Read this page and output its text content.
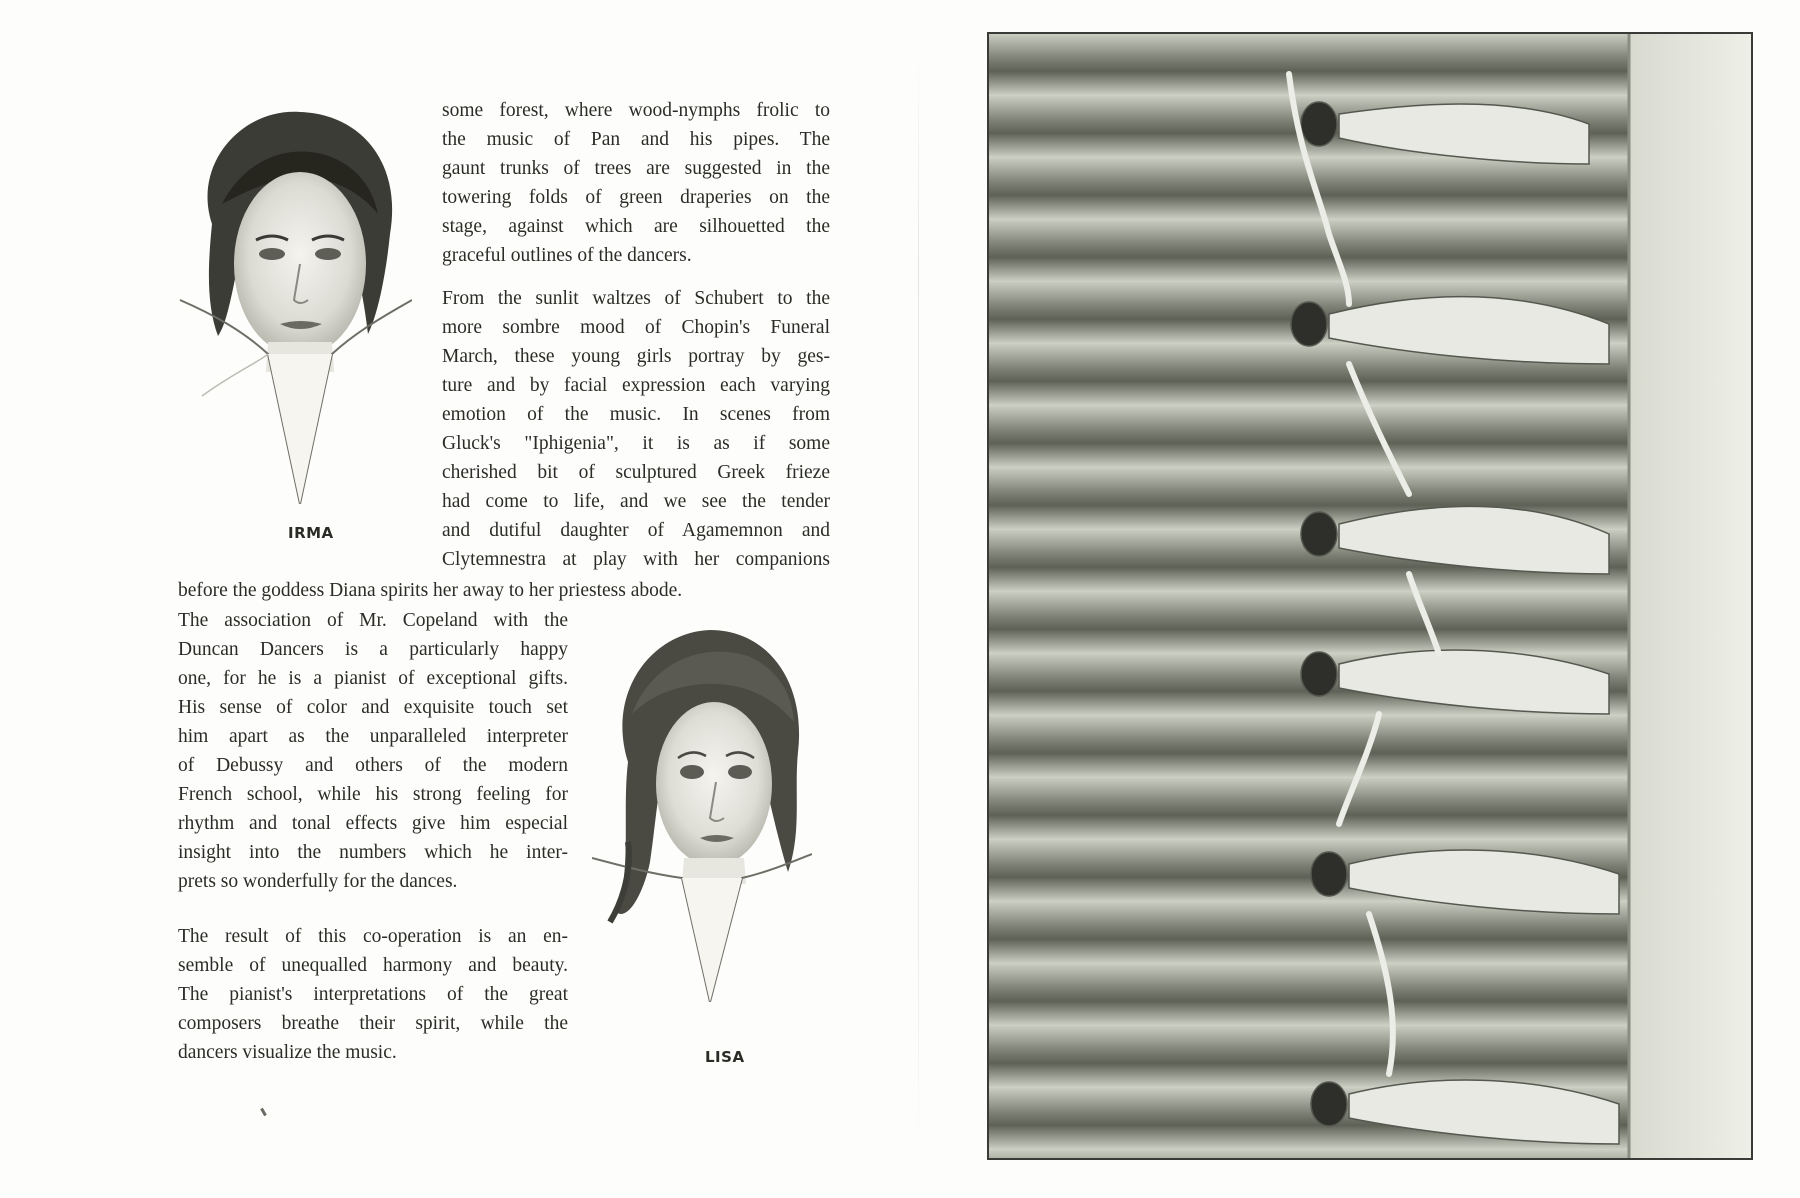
IRMA
some forest, where wood-nymphs frolic to
the music of Pan and his pipes. The
gaunt trunks of trees are suggested in the
towering folds of green draperies on the
stage, against which are silhouetted the
graceful outlines of the dancers.
From the sunlit waltzes of Schubert to the
more sombre mood of Chopin's Funeral
March, these young girls portray by ges-
ture and by facial expression each varying
emotion of the music. In scenes from
Gluck's "Iphigenia", it is as if some
cherished bit of sculptured Greek frieze
had come to life, and we see the tender
and dutiful daughter of Agamemnon and
Clytemnestra at play with her companions
before the goddess Diana spirits her away to her priestess abode.
The association of Mr. Copeland with the
Duncan Dancers is a particularly happy
one, for he is a pianist of exceptional gifts.
His sense of color and exquisite touch set
him apart as the unparalleled interpreter
of Debussy and others of the modern
French school, while his strong feeling for
rhythm and tonal effects give him especial
insight into the numbers which he inter-
prets so wonderfully for the dances.
The result of this co-operation is an en-
semble of unequalled harmony and beauty.
The pianist's interpretations of the great
composers breathe their spirit, while the
dancers visualize the music.	LISA
